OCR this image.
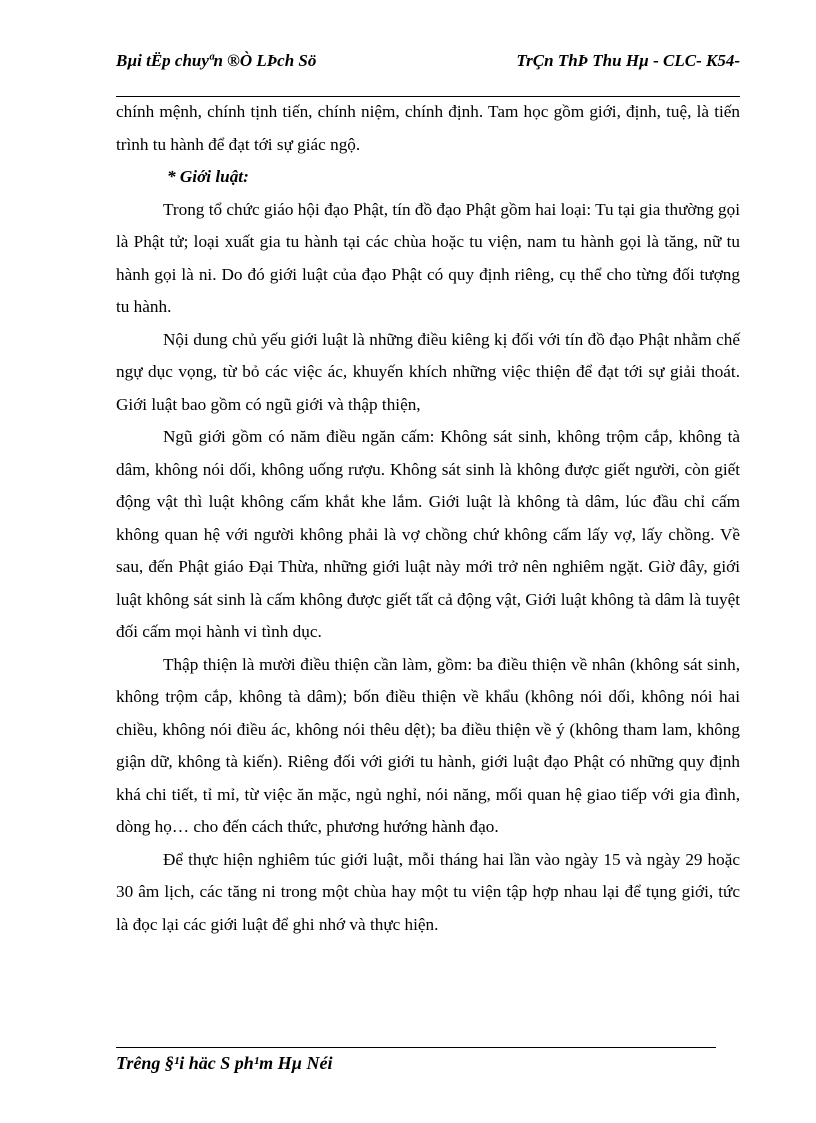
Bµi tËp chuyªn ®Ò LÞch Sö	TrÇn ThÞ Thu Hµ - CLC- K54-

chính mệnh, chính tịnh tiến, chính niệm, chính định. Tam học gồm giới, định, tuệ, là tiến trình tu hành để đạt tới sự giác ngộ.

* Giới luật:

Trong tổ chức giáo hội đạo Phật, tín đồ đạo Phật gồm hai loại: Tu tại gia thường gọi là Phật tử; loại xuất gia tu hành tại các chùa hoặc tu viện, nam tu hành gọi là tăng, nữ tu hành gọi là ni. Do đó giới luật của đạo Phật có quy định riêng, cụ thể cho từng đối tượng tu hành.

Nội dung chủ yếu giới luật là những điều kiêng kị đối với tín đồ đạo Phật nhằm chế ngự dục vọng, từ bỏ các việc ác, khuyến khích những việc thiện để đạt tới sự giải thoát. Giới luật bao gồm có ngũ giới và thập thiện,

Ngũ giới gồm có năm điều ngăn cấm: Không sát sinh, không trộm cắp, không tà dâm, không nói dối, không uống rượu. Không sát sinh là không được giết người, còn giết động vật thì luật không cấm khắt khe lắm. Giới luật là không tà dâm, lúc đầu chỉ cấm không quan hệ với người không phải là vợ chồng chứ không cấm lấy vợ, lấy chồng. Về sau, đến Phật giáo Đại Thừa, những giới luật này mới trở nên nghiêm ngặt. Giờ đây, giới luật không sát sinh là cấm không được giết tất cả động vật, Giới luật không tà dâm là tuyệt đối cấm mọi hành vi tình dục.

Thập thiện là mười điều thiện cần làm, gồm: ba điều thiện về nhân (không sát sinh, không trộm cắp, không tà dâm); bốn điều thiện về khẩu (không nói dối, không nói hai chiều, không nói điều ác, không nói thêu dệt); ba điều thiện về ý (không tham lam, không giận dữ, không tà kiến). Riêng đối với giới tu hành, giới luật đạo Phật có những quy định khá chi tiết, tỉ mỉ, từ việc ăn mặc, ngủ nghỉ, nói năng, mối quan hệ giao tiếp với gia đình, dòng họ… cho đến cách thức, phương hướng hành đạo.

Để thực hiện nghiêm túc giới luật, mỗi tháng hai lần vào ngày 15 và ngày 29 hoặc 30 âm lịch, các tăng ni trong một chùa hay một tu viện tập hợp nhau lại để tụng giới, tức là đọc lại các giới luật để ghi nhớ và thực hiện.

Trêng §¹i häc S ph¹m Hµ Néi
